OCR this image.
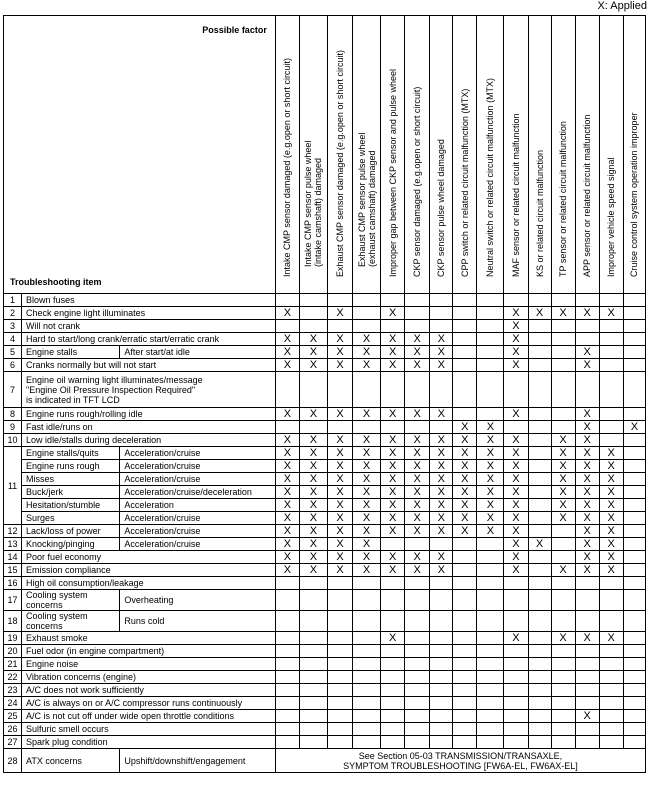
X: Applied
Possible factor
Troubleshooting item			Intake CMP sensor damaged (e.g.open or short circuit)	Intake CMP sensor pulse wheel
(intake camshaft) damaged	Exhaust CMP sensor damaged (e.g.open or short circuit)	Exhaust CMP sensor pulse wheel
(exhaust camshaft) damaged	Improper gap between CKP sensor and pulse wheel	CKP sensor damaged (e.g.open or short circuit)	CKP sensor pulse wheel damaged	CPP switch or related circuit malfunction (MTX)	Neutral switch or related circuit malfunction (MTX)	MAF sensor or related circuit malfunction	KS or related circuit malfunction	TP sensor or related circuit malfunction	APP sensor or related circuit malfunction	Improper vehicle speed signal	Cruise control system operation improper

1	Blown fuses																
2	Check engine light illuminates		X		X		X					X	X	X	X	X	
3	Will not crank											X					
4	Hard to start/long crank/erratic start/erratic crank		X	X	X	X	X	X	X			X					
5	Engine stalls	After start/at idle	X	X	X	X	X	X	X			X			X		
6	Cranks normally but will not start		X	X	X	X	X	X	X			X			X		
7	Engine oil warning light illuminates/message
"Engine Oil Pressure Inspection Required"
is indicated in TFT LCD																
8	Engine runs rough/rolling idle		X	X	X	X	X	X	X			X			X		
9	Fast idle/runs on									X	X				X		X
10	Low idle/stalls during deceleration		X	X	X	X	X	X	X	X	X	X		X	X		
11	Engine stalls/quits	Acceleration/cruise	X	X	X	X	X	X	X	X	X	X		X	X	X	
	Engine runs rough	Acceleration/cruise	X	X	X	X	X	X	X	X	X	X		X	X	X	
	Misses	Acceleration/cruise	X	X	X	X	X	X	X	X	X	X		X	X	X	
	Buck/jerk	Acceleration/cruise/deceleration	X	X	X	X	X	X	X	X	X	X		X	X	X	
	Hesitation/stumble	Acceleration	X	X	X	X	X	X	X	X	X	X		X	X	X	
	Surges	Acceleration/cruise	X	X	X	X	X	X	X	X	X	X		X	X	X	
12	Lack/loss of power	Acceleration/cruise	X	X	X	X	X	X	X	X	X	X			X	X	
13	Knocking/pinging	Acceleration/cruise	X	X	X	X						X	X		X	X	
14	Poor fuel economy		X	X	X	X	X	X	X			X			X	X	
15	Emission compliance		X	X	X	X	X	X	X			X		X	X	X	
16	High oil consumption/leakage																
17	Cooling system concerns	Overheating															
18	Cooling system concerns	Runs cold															
19	Exhaust smoke						X					X		X	X	X	
20	Fuel odor (in engine compartment)																
21	Engine noise																
22	Vibration concerns (engine)																
23	A/C does not work sufficiently																
24	A/C is always on or A/C compressor runs continuously																
25	A/C is not cut off under wide open throttle conditions														X		
26	Sulfuric smell occurs																
27	Spark plug condition																
28	ATX concerns	Upshift/downshift/engagement	See Section 05-03 TRANSMISSION/TRANSAXLE,
SYMPTOM TROUBLESHOOTING [FW6A-EL, FW6AX-EL]														
